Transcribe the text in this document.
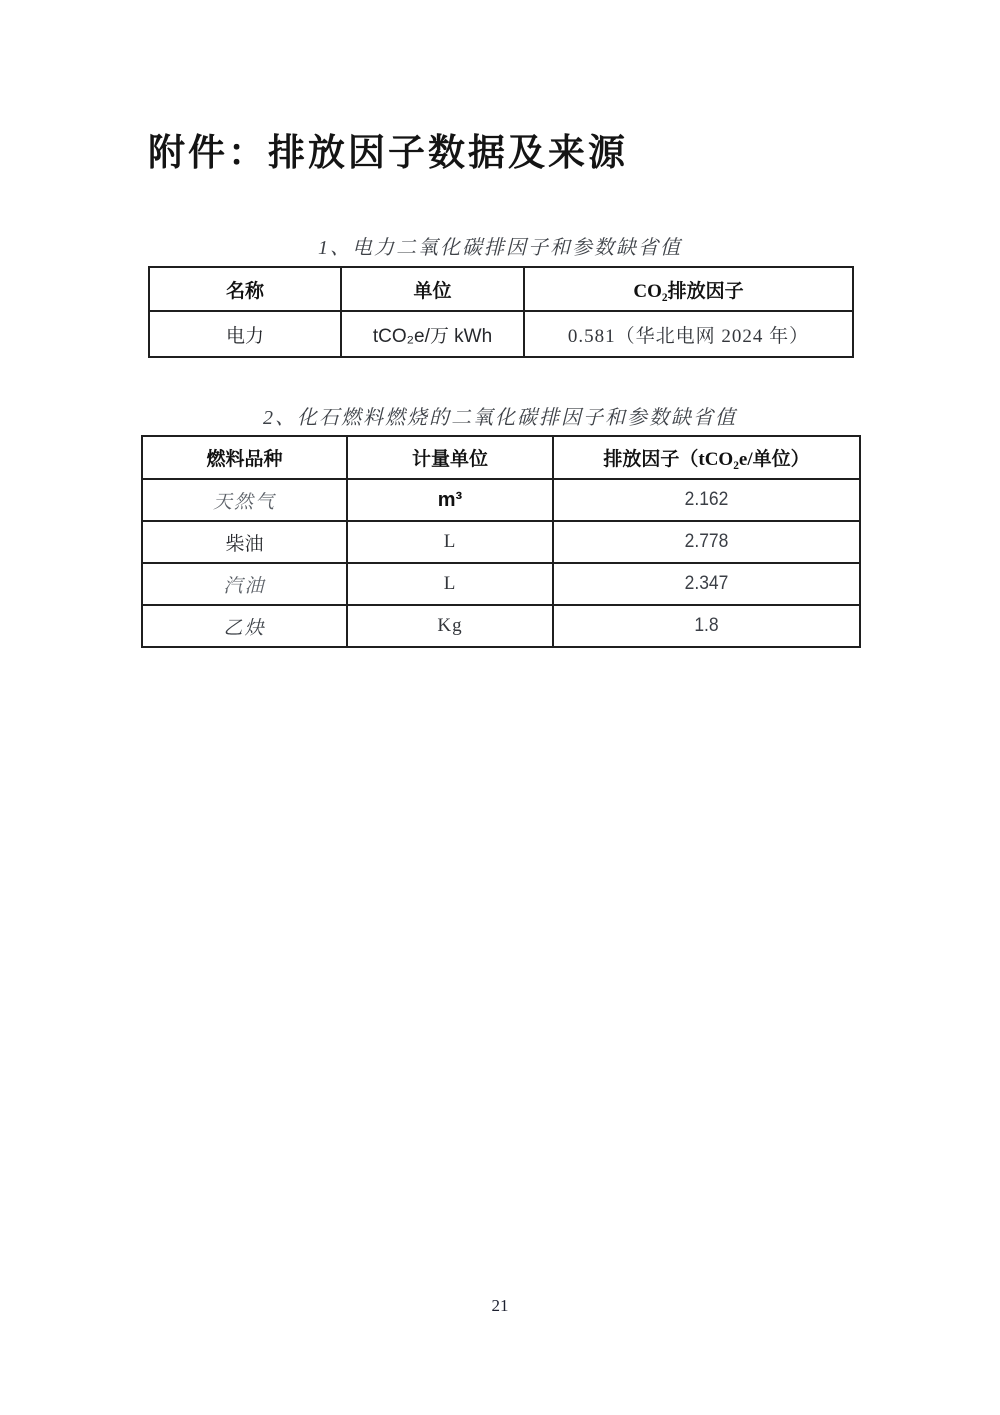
附件：排放因子数据及来源
1、电力二氧化碳排因子和参数缺省值
名称	单位	CO₂排放因子
电力	tCO₂e/万 kWh	0.581（华北电网 2024 年）
2、化石燃料燃烧的二氧化碳排因子和参数缺省值
燃料品种	计量单位	排放因子（tCO₂e/单位）
天然气	m³	2.162
柴油	L	2.778
汽油	L	2.347
乙炔	Kg	1.8
21
